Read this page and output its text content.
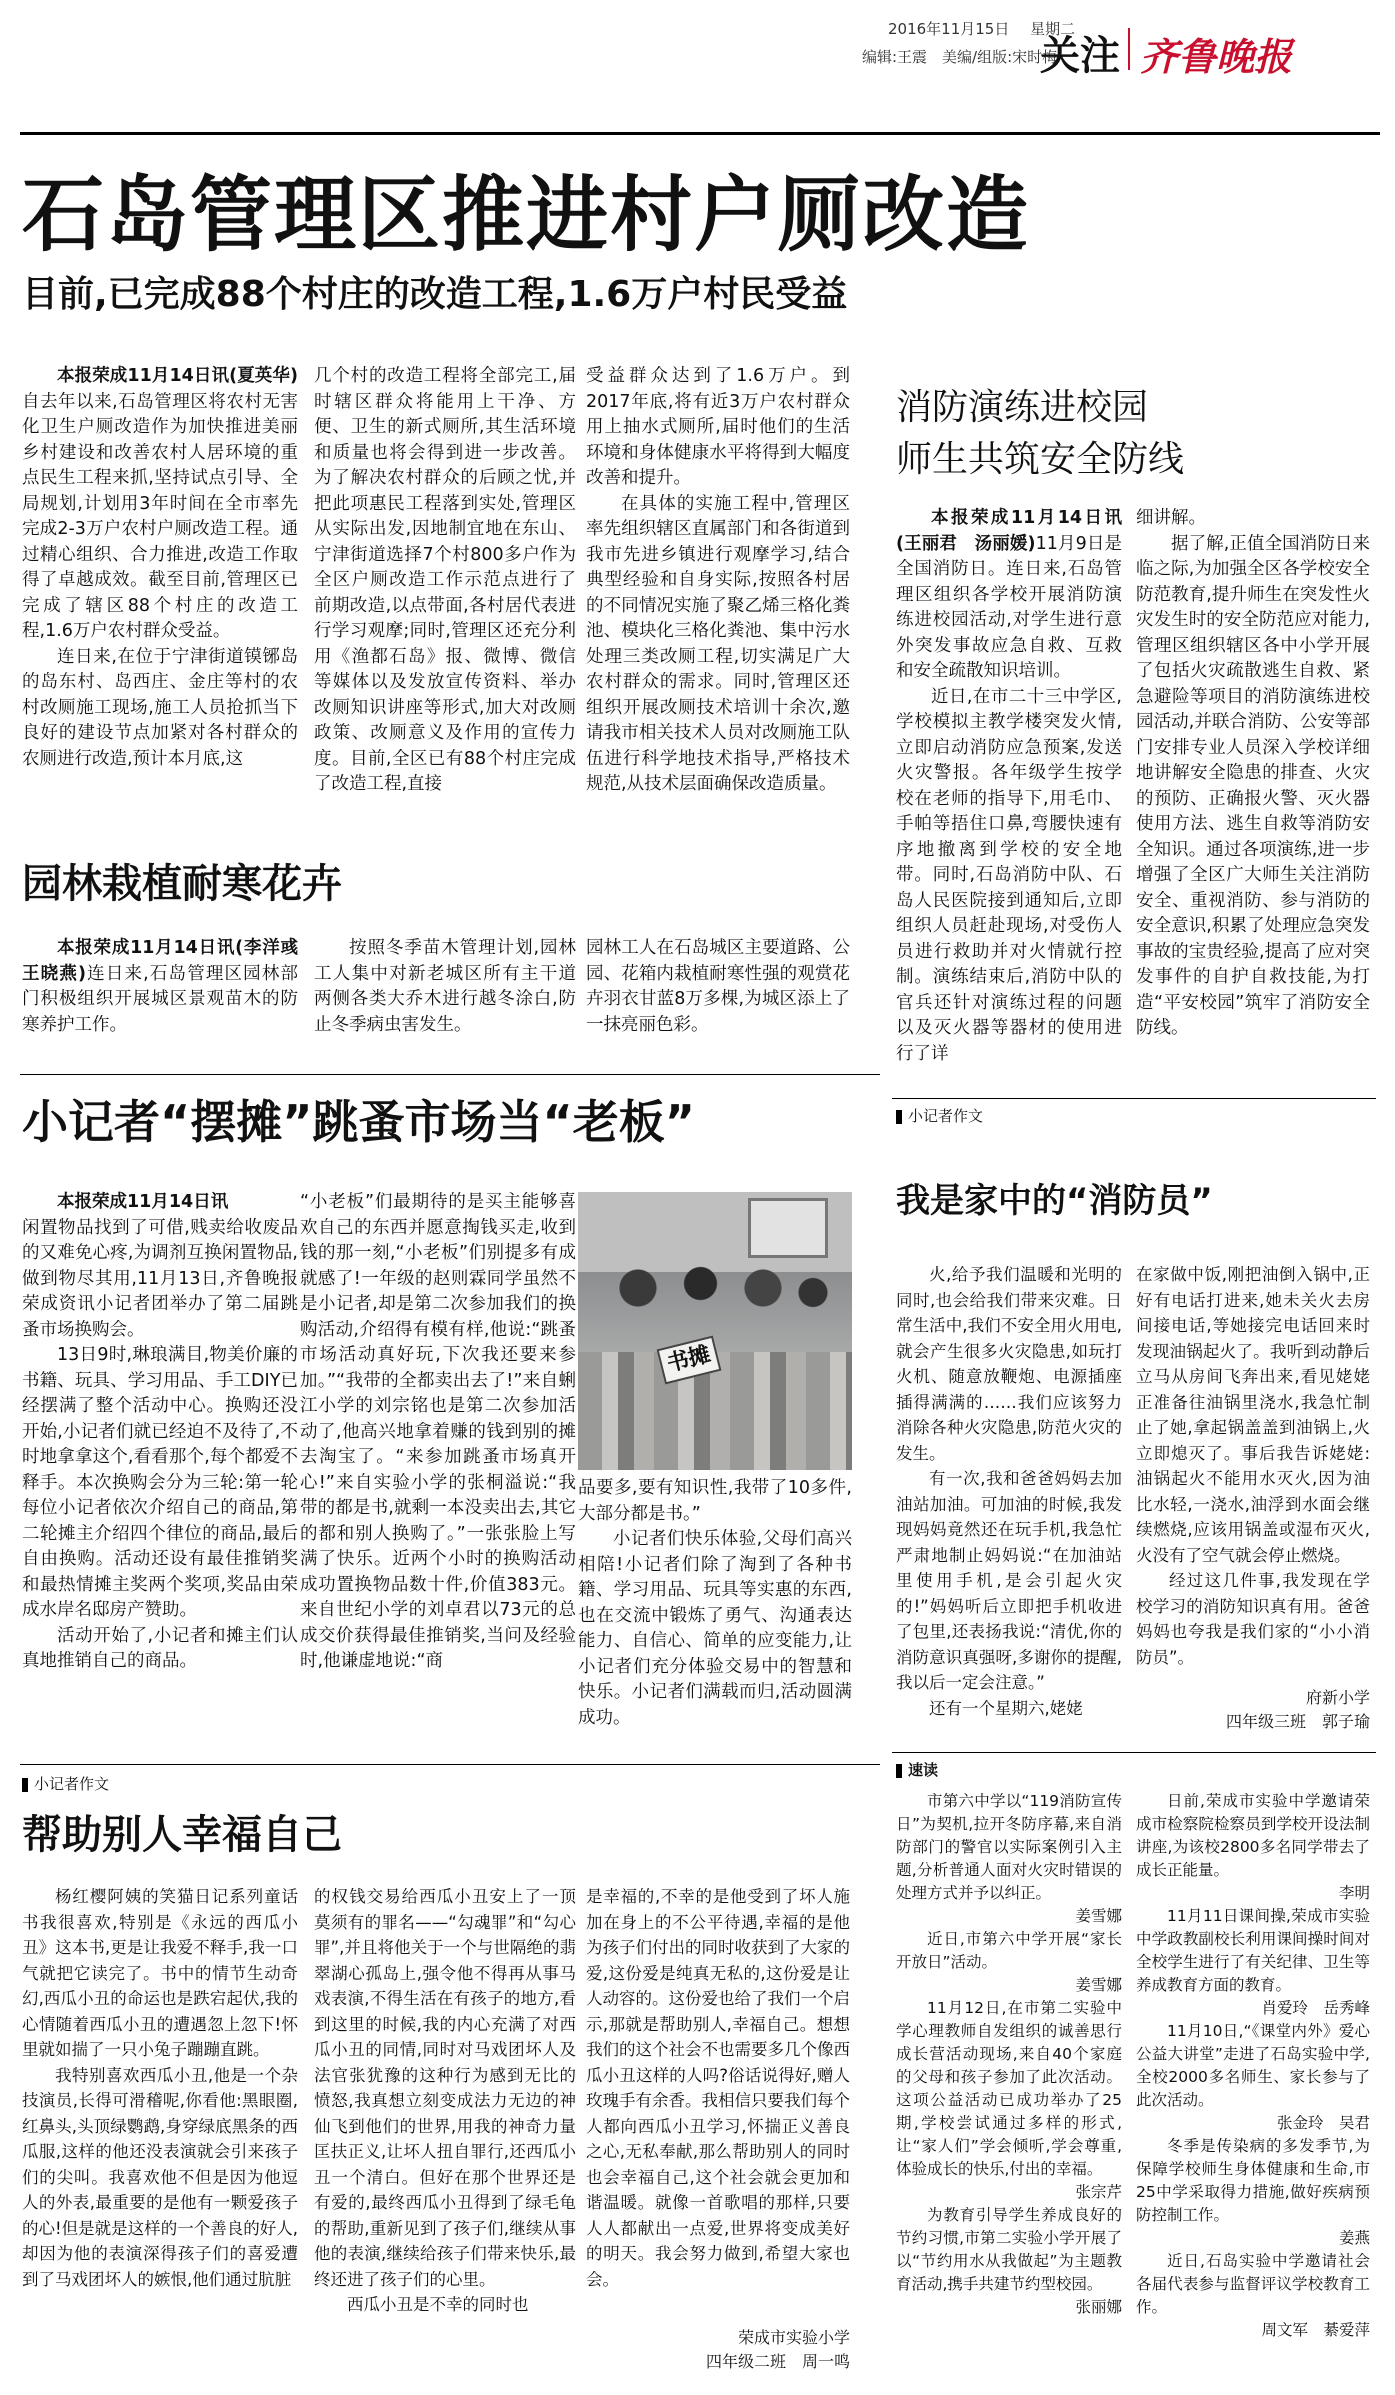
2016年11月15日 星期二
编辑:王震　美编/组版:宋时梅
关注 齐鲁晚报
石岛管理区推进村户厕改造
目前,已完成88个村庄的改造工程,1.6万户村民受益

本报荣成11月14日讯(夏英华)自去年以来,石岛管理区将农村无害化卫生户厕改造作为加快推进美丽乡村建设和改善农村人居环境的重点民生工程来抓,坚持试点引导、全局规划,计划用3年时间在全市率先完成2-3万户农村户厕改造工程。通过精心组织、合力推进,改造工作取得了卓越成效。截至目前,管理区已完成了辖区88个村庄的改造工程,1.6万户农村群众受益。

连日来,在位于宁津街道镆铘岛的岛东村、岛西庄、金庄等村的农村改厕施工现场,施工人员抢抓当下良好的建设节点加紧对各村群众的农厕进行改造,预计本月底,这

几个村的改造工程将全部完工,届时辖区群众将能用上干净、方便、卫生的新式厕所,其生活环境和质量也将会得到进一步改善。为了解决农村群众的后顾之忧,并把此项惠民工程落到实处,管理区从实际出发,因地制宜地在东山、宁津街道选择7个村800多户作为全区户厕改造工作示范点进行了前期改造,以点带面,各村居代表进行学习观摩;同时,管理区还充分利用《渔都石岛》报、微博、微信等媒体以及发放宣传资料、举办改厕知识讲座等形式,加大对改厕政策、改厕意义及作用的宣传力度。目前,全区已有88个村庄完成了改造工程,直接

受益群众达到了1.6万户。到2017年底,将有近3万户农村群众用上抽水式厕所,届时他们的生活环境和身体健康水平将得到大幅度改善和提升。

在具体的实施工程中,管理区率先组织辖区直属部门和各街道到我市先进乡镇进行观摩学习,结合典型经验和自身实际,按照各村居的不同情况实施了聚乙烯三格化粪池、模块化三格化粪池、集中污水处理三类改厕工程,切实满足广大农村群众的需求。同时,管理区还组织开展改厕技术培训十余次,邀请我市相关技术人员对改厕施工队伍进行科学地技术指导,严格技术规范,从技术层面确保改造质量。

园林栽植耐寒花卉

本报荣成11月14日讯(李洋彧　王晓燕)连日来,石岛管理区园林部门积极组织开展城区景观苗木的防寒养护工作。

按照冬季苗木管理计划,园林工人集中对新老城区所有主干道两侧各类大乔木进行越冬涂白,防止冬季病虫害发生。

园林工人在石岛城区主要道路、公园、花箱内栽植耐寒性强的观赏花卉羽衣甘蓝8万多棵,为城区添上了一抹亮丽色彩。

消防演练进校园
师生共筑安全防线

本报荣成11月14日讯(王丽君　汤丽媛)11月9日是全国消防日。连日来,石岛管理区组织各学校开展消防演练进校园活动,对学生进行意外突发事故应急自救、互救和安全疏散知识培训。

近日,在市二十三中学区,学校模拟主教学楼突发火情,立即启动消防应急预案,发送火灾警报。各年级学生按学校在老师的指导下,用毛巾、手帕等捂住口鼻,弯腰快速有序地撤离到学校的安全地带。同时,石岛消防中队、石岛人民医院接到通知后,立即组织人员赶赴现场,对受伤人员进行救助并对火情就行控制。演练结束后,消防中队的官兵还针对演练过程的问题以及灭火器等器材的使用进行了详

细讲解。

据了解,正值全国消防日来临之际,为加强全区各学校安全防范教育,提升师生在突发性火灾发生时的安全防范应对能力,管理区组织辖区各中小学开展了包括火灾疏散逃生自救、紧急避险等项目的消防演练进校园活动,并联合消防、公安等部门安排专业人员深入学校详细地讲解安全隐患的排查、火灾的预防、正确报火警、灭火器使用方法、逃生自救等消防安全知识。通过各项演练,进一步增强了全区广大师生关注消防安全、重视消防、参与消防的安全意识,积累了处理应急突发事故的宝贵经验,提高了应对突发事件的自护自救技能,为打造“平安校园”筑牢了消防安全防线。

小记者“摆摊”跳蚤市场当“老板”

本报荣成11月14日讯

闲置物品找到了可借,贱卖给收废品的又难免心疼,为调剂互换闲置物品,做到物尽其用,11月13日,齐鲁晚报荣成资讯小记者团举办了第二届跳蚤市场换购会。

13日9时,琳琅满目,物美价廉的书籍、玩具、学习用品、手工DIY已经摆满了整个活动中心。换购还没开始,小记者们就已经迫不及待了,不时地拿拿这个,看看那个,每个都爱不释手。本次换购会分为三轮:第一轮每位小记者依次介绍自己的商品,第二轮摊主介绍四个律位的商品,最后自由换购。活动还设有最佳推销奖和最热情摊主奖两个奖项,奖品由荣成水岸名邸房产赞助。

活动开始了,小记者和摊主们认真地推销自己的商品。

“小老板”们最期待的是买主能够喜欢自己的东西并愿意掏钱买走,收到钱的那一刻,“小老板”们别提多有成就感了!一年级的赵则霖同学虽然不是小记者,却是第二次参加我们的换购活动,介绍得有模有样,他说:“跳蚤市场活动真好玩,下次我还要来参加。”“我带的全都卖出去了!”来自蜊江小学的刘宗铭也是第二次参加活动了,他高兴地拿着赚的钱到别的摊去淘宝了。“来参加跳蚤市场真开心!”来自实验小学的张桐溢说:“我带的都是书,就剩一本没卖出去,其它的都和别人换购了。”一张张脸上写满了快乐。近两个小时的换购活动成功置换物品数十件,价值383元。来自世纪小学的刘卓君以73元的总成交价获得最佳推销奖,当问及经验时,他谦虚地说:“商

书摊

品要多,要有知识性,我带了10多件,大部分都是书。”

小记者们快乐体验,父母们高兴相陪!小记者们除了淘到了各种书籍、学习用品、玩具等实惠的东西,也在交流中锻炼了勇气、沟通表达能力、自信心、简单的应变能力,让小记者们充分体验交易中的智慧和快乐。小记者们满载而归,活动圆满成功。

小记者作文
帮助别人幸福自己

杨红樱阿姨的笑猫日记系列童话书我很喜欢,特别是《永远的西瓜小丑》这本书,更是让我爱不释手,我一口气就把它读完了。书中的情节生动奇幻,西瓜小丑的命运也是跌宕起伏,我的心情随着西瓜小丑的遭遇忽上忽下!怀里就如揣了一只小兔子蹦蹦直跳。

我特别喜欢西瓜小丑,他是一个杂技演员,长得可滑稽呢,你看他:黑眼圈,红鼻头,头顶绿鹦鹉,身穿绿底黑条的西瓜服,这样的他还没表演就会引来孩子们的尖叫。我喜欢他不但是因为他逗人的外表,最重要的是他有一颗爱孩子的心!但是就是这样的一个善良的好人,却因为他的表演深得孩子们的喜爱遭到了马戏团坏人的嫉恨,他们通过肮脏

的权钱交易给西瓜小丑安上了一顶莫须有的罪名——“勾魂罪”和“勾心罪”,并且将他关于一个与世隔绝的翡翠湖心孤岛上,强令他不得再从事马戏表演,不得生活在有孩子的地方,看到这里的时候,我的内心充满了对西瓜小丑的同情,同时对马戏团坏人及法官张犹豫的这种行为感到无比的愤怒,我真想立刻变成法力无边的神仙飞到他们的世界,用我的神奇力量匡扶正义,让坏人扭自罪行,还西瓜小丑一个清白。但好在那个世界还是有爱的,最终西瓜小丑得到了绿毛龟的帮助,重新见到了孩子们,继续从事他的表演,继续给孩子们带来快乐,最终还进了孩子们的心里。

西瓜小丑是不幸的同时也

是幸福的,不幸的是他受到了坏人施加在身上的不公平待遇,幸福的是他为孩子们付出的同时收获到了大家的爱,这份爱是纯真无私的,这份爱是让人动容的。这份爱也给了我们一个启示,那就是帮助别人,幸福自己。想想我们的这个社会不也需要多几个像西瓜小丑这样的人吗?俗话说得好,赠人玫瑰手有余香。我相信只要我们每个人都向西瓜小丑学习,怀揣正义善良之心,无私奉献,那么帮助别人的同时也会幸福自己,这个社会就会更加和谐温暖。就像一首歌唱的那样,只要人人都献出一点爱,世界将变成美好的明天。我会努力做到,希望大家也会。

荣成市实验小学
四年级二班　周一鸣
小记者作文
我是家中的“消防员”

火,给予我们温暖和光明的同时,也会给我们带来灾难。日常生活中,我们不安全用火用电,就会产生很多火灾隐患,如玩打火机、随意放鞭炮、电源插座插得满满的……我们应该努力消除各种火灾隐患,防范火灾的发生。

有一次,我和爸爸妈妈去加油站加油。可加油的时候,我发现妈妈竟然还在玩手机,我急忙严肃地制止妈妈说:“在加油站里使用手机,是会引起火灾的!”妈妈听后立即把手机收进了包里,还表扬我说:“清优,你的消防意识真强呀,多谢你的提醒,我以后一定会注意。”

还有一个星期六,姥姥

在家做中饭,刚把油倒入锅中,正好有电话打进来,她未关火去房间接电话,等她接完电话回来时发现油锅起火了。我听到动静后立马从房间飞奔出来,看见姥姥正准备往油锅里浇水,我急忙制止了她,拿起锅盖盖到油锅上,火立即熄灭了。事后我告诉姥姥:油锅起火不能用水灭火,因为油比水轻,一浇水,油浮到水面会继续燃烧,应该用锅盖或湿布灭火,火没有了空气就会停止燃烧。

经过这几件事,我发现在学校学习的消防知识真有用。爸爸妈妈也夸我是我们家的“小小消防员”。

府新小学
四年级三班　郭子瑜
速读

市第六中学以“119消防宣传日”为契机,拉开冬防序幕,来自消防部门的警官以实际案例引入主题,分析普通人面对火灾时错误的处理方式并予以纠正。

姜雪娜

近日,市第六中学开展“家长开放日”活动。

姜雪娜

11月12日,在市第二实验中学心理教师自发组织的诚善思行成长营活动现场,来自40个家庭的父母和孩子参加了此次活动。这项公益活动已成功举办了25期,学校尝试通过多样的形式,让“家人们”学会倾听,学会尊重,体验成长的快乐,付出的幸福。

张宗芹

为教育引导学生养成良好的节约习惯,市第二实验小学开展了以“节约用水从我做起”为主题教育活动,携手共建节约型校园。

张丽娜

日前,荣成市实验中学邀请荣成市检察院检察员到学校开设法制讲座,为该校2800多名同学带去了成长正能量。

李明

11月11日课间操,荣成市实验中学政教副校长利用课间操时间对全校学生进行了有关纪律、卫生等养成教育方面的教育。

肖爱玲　岳秀峰

11月10日,“《课堂内外》爱心公益大讲堂”走进了石岛实验中学,全校2000多名师生、家长参与了此次活动。

张金玲　吴君

冬季是传染病的多发季节,为保障学校师生身体健康和生命,市25中学采取得力措施,做好疾病预防控制工作。

姜燕

近日,石岛实验中学邀请社会各届代表参与监督评议学校教育工作。

周文军　綦爱萍
